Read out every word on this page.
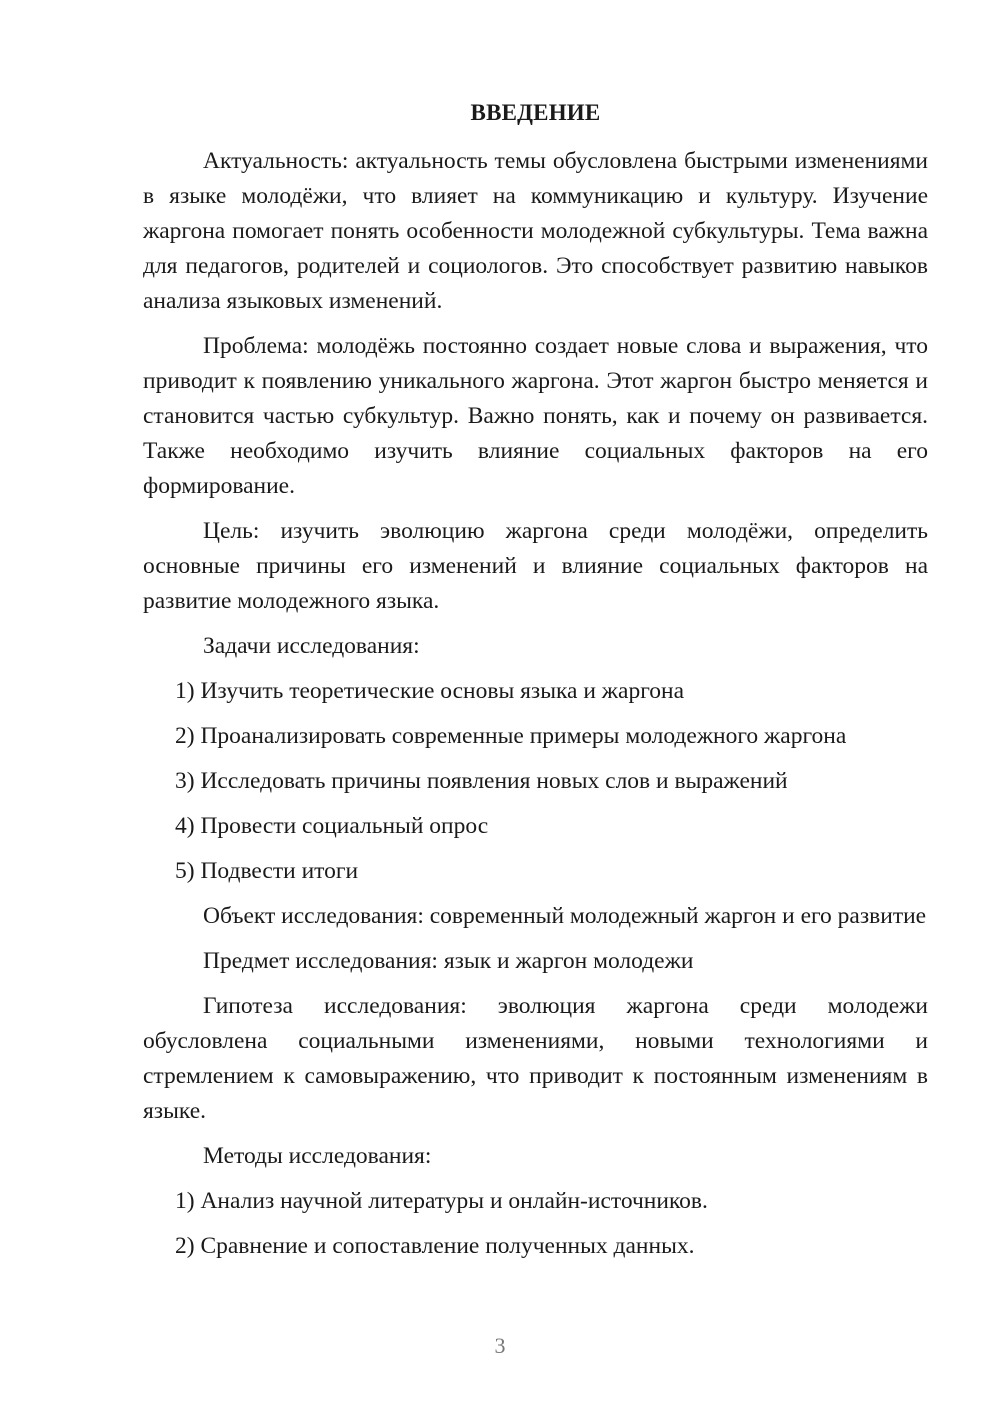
ВВЕДЕНИЕ

Актуальность: актуальность темы обусловлена быстрыми изменениями в языке молодёжи, что влияет на коммуникацию и культуру. Изучение жаргона помогает понять особенности молодежной субкультуры. Тема важна для педагогов, родителей и социологов. Это способствует развитию навыков анализа языковых изменений.

Проблема: молодёжь постоянно создает новые слова и выражения, что приводит к появлению уникального жаргона. Этот жаргон быстро меняется и становится частью субкультур. Важно понять, как и почему он развивается. Также необходимо изучить влияние социальных факторов на его формирование.

Цель: изучить эволюцию жаргона среди молодёжи, определить основные причины его изменений и влияние социальных факторов на развитие молодежного языка.

Задачи исследования:

1) Изучить теоретические основы языка и жаргона

2) Проанализировать современные примеры молодежного жаргона

3) Исследовать причины появления новых слов и выражений

4) Провести социальный опрос

5) Подвести итоги

Объект исследования: современный молодежный жаргон и его развитие

Предмет исследования: язык и жаргон молодежи

Гипотеза исследования: эволюция жаргона среди молодежи обусловлена социальными изменениями, новыми технологиями и стремлением к самовыражению, что приводит к постоянным изменениям в языке.

Методы исследования:

1) Анализ научной литературы и онлайн-источников.

2) Сравнение и сопоставление полученных данных.

3
